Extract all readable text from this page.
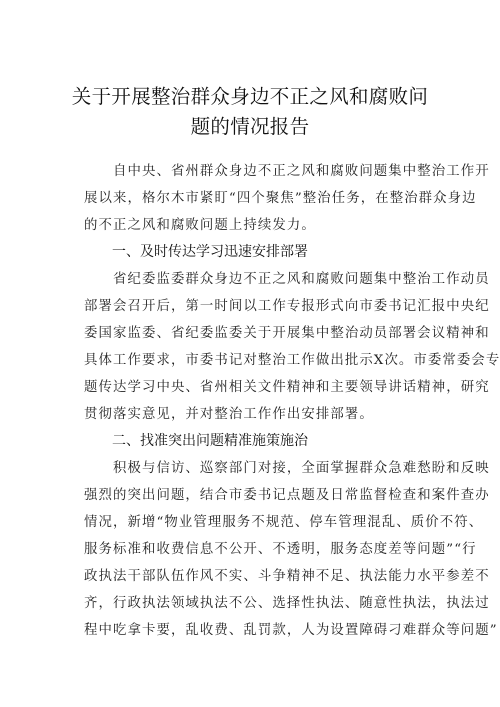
关于开展整治群众身边不正之风和腐败问
题的情况报告
　　自中央、省州群众身边不正之风和腐败问题集中整治工作开
展以来，格尔木市紧盯“四个聚焦”整治任务，在整治群众身边
的不正之风和腐败问题上持续发力。
　　一、及时传达学习迅速安排部署
　　省纪委监委群众身边不正之风和腐败问题集中整治工作动员
部署会召开后，第一时间以工作专报形式向市委书记汇报中央纪
委国家监委、省纪委监委关于开展集中整治动员部署会议精神和
具体工作要求，市委书记对整治工作做出批示X次。市委常委会专
题传达学习中央、省州相关文件精神和主要领导讲话精神，研究
贯彻落实意见，并对整治工作作出安排部署。
　　二、找准突出问题精准施策施治
　　积极与信访、巡察部门对接，全面掌握群众急难愁盼和反映
强烈的突出问题，结合市委书记点题及日常监督检查和案件查办
情况，新增“物业管理服务不规范、停车管理混乱、质价不符、
服务标准和收费信息不公开、不透明，服务态度差等问题”“行
政执法干部队伍作风不实、斗争精神不足、执法能力水平参差不
齐，行政执法领域执法不公、选择性执法、随意性执法，执法过
程中吃拿卡要，乱收费、乱罚款，人为设置障碍刁难群众等问题”
